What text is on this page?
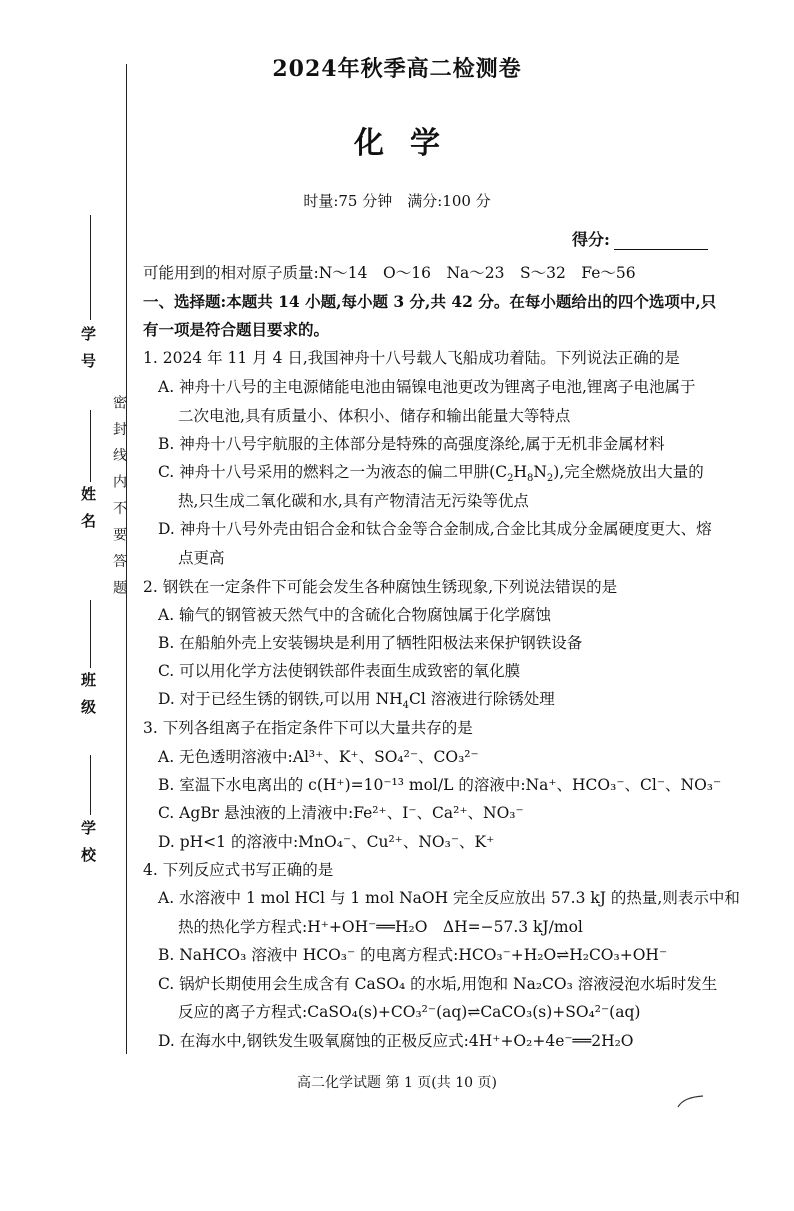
密 封 线 内 不 要 答 题
学校
班级
姓名
学号
2024年秋季高二检测卷
化学
时量:75 分钟　满分:100 分
得分:
可能用到的相对原子质量:N～14　O～16　Na～23　S～32　Fe～56
一、选择题:本题共 14 小题,每小题 3 分,共 42 分。在每小题给出的四个选项中,只
有一项是符合题目要求的。
1. 2024 年 11 月 4 日,我国神舟十八号载人飞船成功着陆。下列说法正确的是
A. 神舟十八号的主电源储能电池由镉镍电池更改为锂离子电池,锂离子电池属于
二次电池,具有质量小、体积小、储存和输出能量大等特点
B. 神舟十八号宇航服的主体部分是特殊的高强度涤纶,属于无机非金属材料
C. 神舟十八号采用的燃料之一为液态的偏二甲肼$(C_2H_8N_2)$,完全燃烧放出大量的
热,只生成二氧化碳和水,具有产物清洁无污染等优点
D. 神舟十八号外壳由铝合金和钛合金等合金制成,合金比其成分金属硬度更大、熔
点更高
2. 钢铁在一定条件下可能会发生各种腐蚀生锈现象,下列说法错误的是
A. 输气的钢管被天然气中的含硫化合物腐蚀属于化学腐蚀
B. 在船舶外壳上安装锡块是利用了牺牲阳极法来保护钢铁设备
C. 可以用化学方法使钢铁部件表面生成致密的氧化膜
D. 对于已经生锈的钢铁,可以用 $NH_4Cl$ 溶液进行除锈处理
3. 下列各组离子在指定条件下可以大量共存的是
A. 无色透明溶液中:Al³⁺、K⁺、SO₄²⁻、CO₃²⁻
B. 室温下水电离出的 c(H⁺)=10⁻¹³ mol/L 的溶液中:Na⁺、HCO₃⁻、Cl⁻、NO₃⁻
C. AgBr 悬浊液的上清液中:Fe²⁺、I⁻、Ca²⁺、NO₃⁻
D. pH<1 的溶液中:MnO₄⁻、Cu²⁺、NO₃⁻、K⁺
4. 下列反应式书写正确的是
A. 水溶液中 1 mol HCl 与 1 mol NaOH 完全反应放出 57.3 kJ 的热量,则表示中和
热的热化学方程式:H⁺+OH⁻══H₂O　ΔH=−57.3 kJ/mol
B. NaHCO₃ 溶液中 HCO₃⁻ 的电离方程式:HCO₃⁻+H₂O⇌H₂CO₃+OH⁻
C. 锅炉长期使用会生成含有 CaSO₄ 的水垢,用饱和 Na₂CO₃ 溶液浸泡水垢时发生
反应的离子方程式:CaSO₄(s)+CO₃²⁻(aq)⇌CaCO₃(s)+SO₄²⁻(aq)
D. 在海水中,钢铁发生吸氧腐蚀的正极反应式:4H⁺+O₂+4e⁻══2H₂O
高二化学试题 第 1 页(共 10 页)
